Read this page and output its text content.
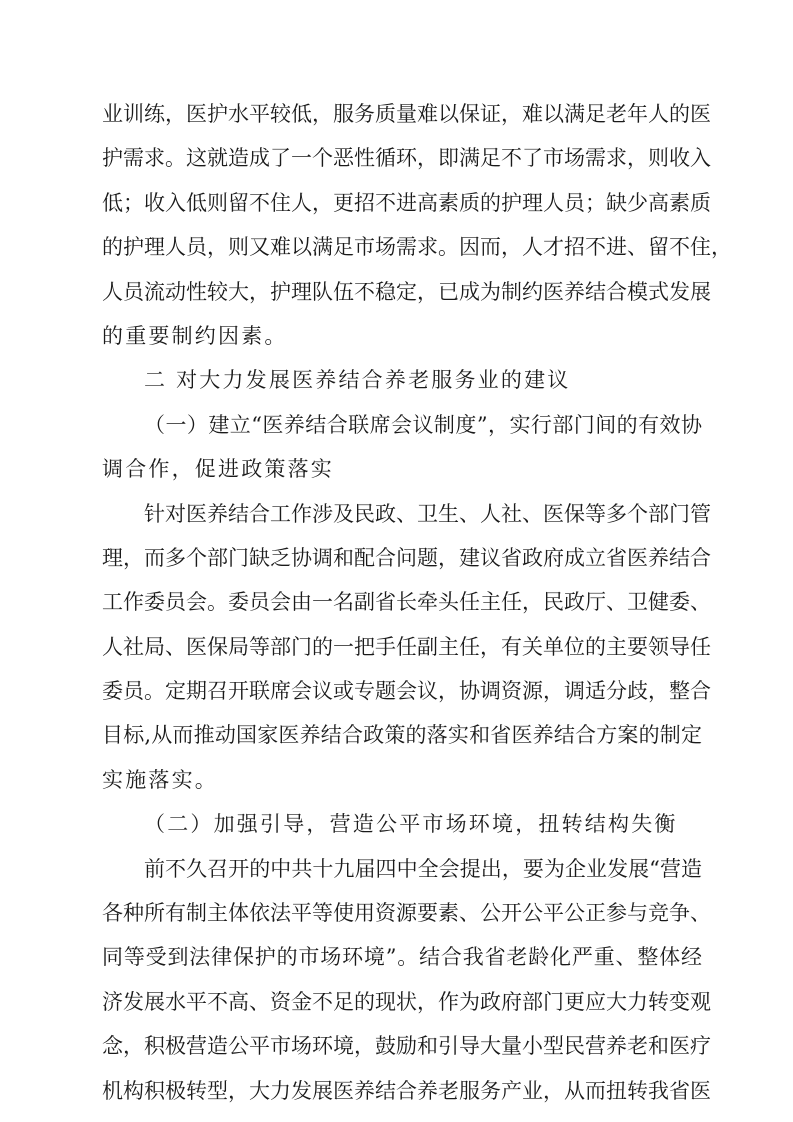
业训练，医护水平较低，服务质量难以保证，难以满足老年人的医
护需求。这就造成了一个恶性循环，即满足不了市场需求，则收入
低；收入低则留不住人，更招不进高素质的护理人员；缺少高素质
的护理人员，则又难以满足市场需求。因而，人才招不进、留不住，
人员流动性较大，护理队伍不稳定，已成为制约医养结合模式发展
的重要制约因素。
二 对大力发展医养结合养老服务业的建议
（一）建立“医养结合联席会议制度”，实行部门间的有效协
调合作，促进政策落实
针对医养结合工作涉及民政、卫生、人社、医保等多个部门管
理，而多个部门缺乏协调和配合问题，建议省政府成立省医养结合
工作委员会。委员会由一名副省长牵头任主任，民政厅、卫健委、
人社局、医保局等部门的一把手任副主任，有关单位的主要领导任
委员。定期召开联席会议或专题会议，协调资源，调适分歧，整合
目标,从而推动国家医养结合政策的落实和省医养结合方案的制定
实施落实。
（二）加强引导，营造公平市场环境，扭转结构失衡
前不久召开的中共十九届四中全会提出，要为企业发展“营造
各种所有制主体依法平等使用资源要素、公开公平公正参与竞争、
同等受到法律保护的市场环境”。结合我省老龄化严重、整体经
济发展水平不高、资金不足的现状，作为政府部门更应大力转变观
念，积极营造公平市场环境，鼓励和引导大量小型民营养老和医疗
机构积极转型，大力发展医养结合养老服务产业，从而扭转我省医
